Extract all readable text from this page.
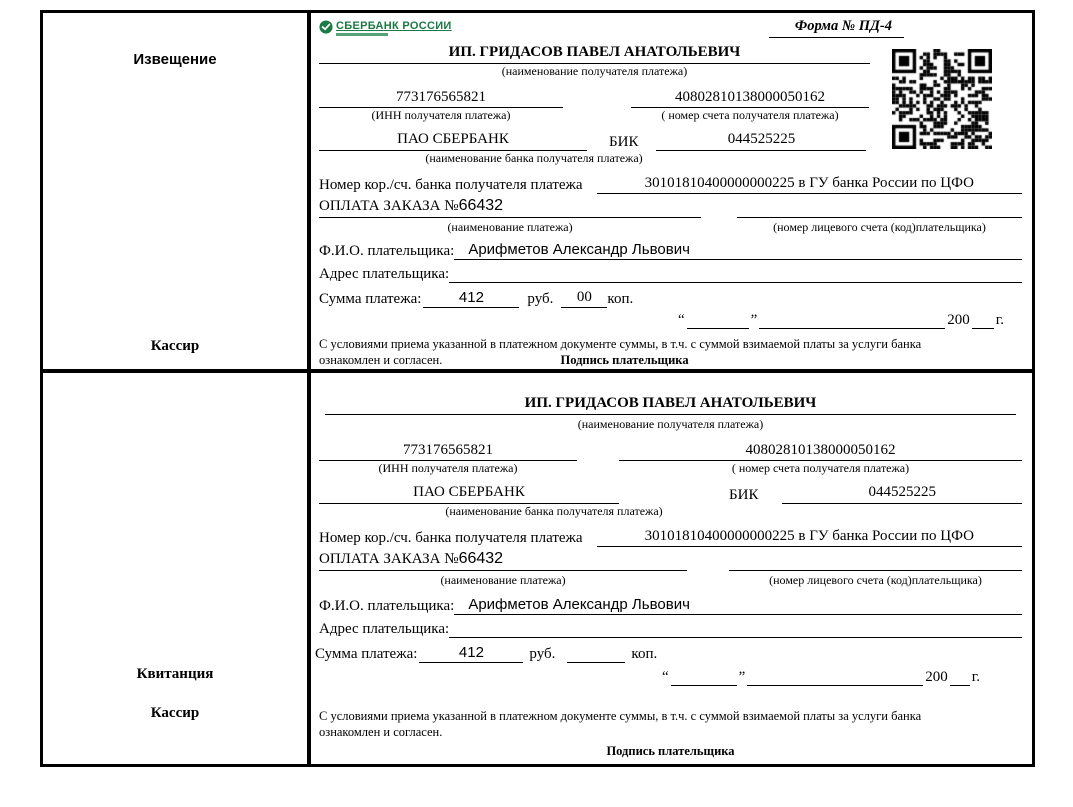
Извещение
Кассир
СБЕРБАНК РОССИИ	Форма № ПД-4
ИП. ГРИДАСОВ ПАВЕЛ АНАТОЛЬЕВИЧ
(наименование получателя платежа)
773176565821
(ИНН получателя платежа)
40802810138000050162
( номер счета получателя платежа)
ПАО СБЕРБАНК	БИК	044525225
(наименование банка получателя платежа)
Номер кор./сч. банка получателя платежа	30101810400000000225 в ГУ банка России по ЦФО
ОПЛАТА ЗАКАЗА №66432
(наименование платежа)	(номер лицевого счета (код)плательщика)
Ф.И.О. плательщика: Арифметов Александр Львович
Адрес плательщика:
Сумма платежа:	412	руб.	00	коп.
“	”	200 г.
С условиями приема указанной в платежном документе суммы, в т.ч. с суммой взимаемой платы за услуги банка
ознакомлен и согласен.	Подпись плательщика
Квитанция
Кассир
ИП. ГРИДАСОВ ПАВЕЛ АНАТОЛЬЕВИЧ
(наименование получателя платежа)
773176565821
(ИНН получателя платежа)
40802810138000050162
( номер счета получателя платежа)
ПАО СБЕРБАНК	БИК	044525225
(наименование банка получателя платежа)
Номер кор./сч. банка получателя платежа	30101810400000000225 в ГУ банка России по ЦФО
ОПЛАТА ЗАКАЗА №66432
(наименование платежа)	(номер лицевого счета (код)плательщика)
Ф.И.О. плательщика: Арифметов Александр Львович
Адрес плательщика:
Сумма платежа:	412	руб.	коп.
“	”	200 г.
С условиями приема указанной в платежном документе суммы, в т.ч. с суммой взимаемой платы за услуги банка
ознакомлен и согласен.
Подпись плательщика
